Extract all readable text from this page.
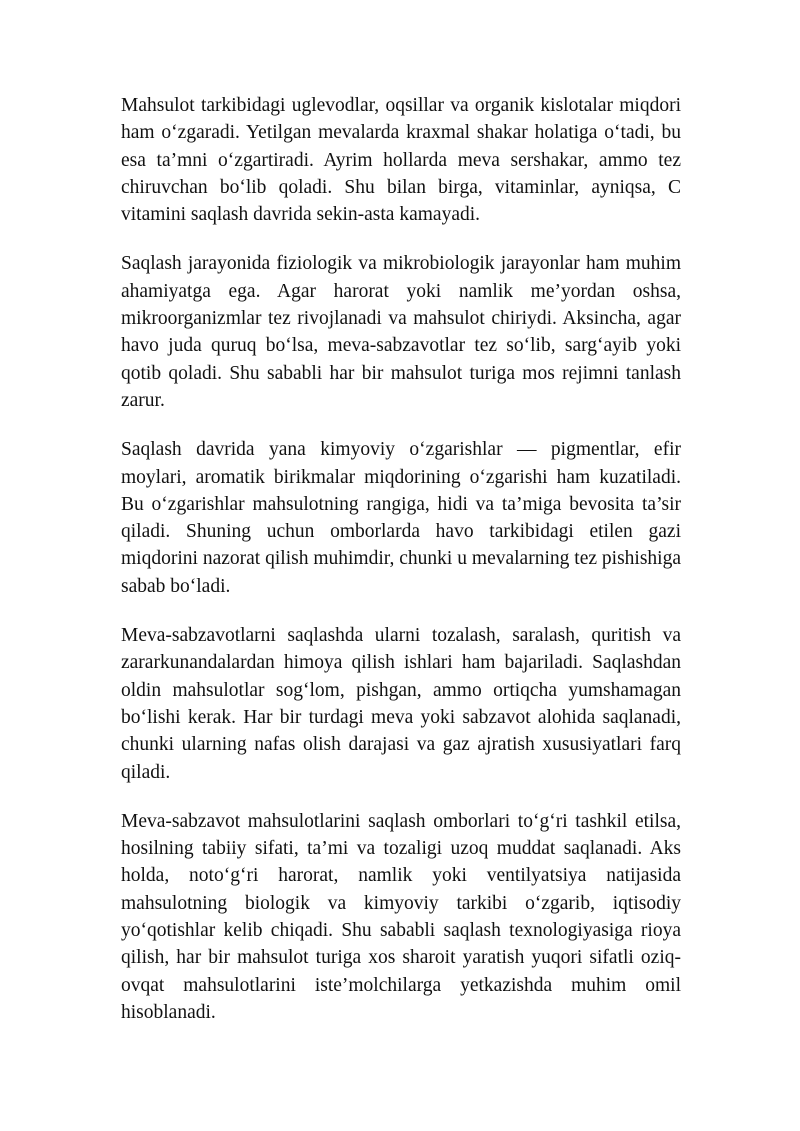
Mahsulot tarkibidagi uglevodlar, oqsillar va organik kislotalar miqdori ham o‘zgaradi. Yetilgan mevalarda kraxmal shakar holatiga o‘tadi, bu esa ta’mni o‘zgartiradi. Ayrim hollarda meva sershakar, ammo tez chiruvchan bo‘lib qoladi. Shu bilan birga, vitaminlar, ayniqsa, C vitamini saqlash davrida sekin-asta kamayadi.

Saqlash jarayonida fiziologik va mikrobiologik jarayonlar ham muhim ahamiyatga ega. Agar harorat yoki namlik me’yordan oshsa, mikroorganizmlar tez rivojlanadi va mahsulot chiriydi. Aksincha, agar havo juda quruq bo‘lsa, meva-sabzavotlar tez so‘lib, sarg‘ayib yoki qotib qoladi. Shu sababli har bir mahsulot turiga mos rejimni tanlash zarur.

Saqlash davrida yana kimyoviy o‘zgarishlar — pigmentlar, efir moylari, aromatik birikmalar miqdorining o‘zgarishi ham kuzatiladi. Bu o‘zgarishlar mahsulotning rangiga, hidi va ta’miga bevosita ta’sir qiladi. Shuning uchun omborlarda havo tarkibidagi etilen gazi miqdorini nazorat qilish muhimdir, chunki u mevalarning tez pishishiga sabab bo‘ladi.

Meva-sabzavotlarni saqlashda ularni tozalash, saralash, quritish va zararkunandalardan himoya qilish ishlari ham bajariladi. Saqlashdan oldin mahsulotlar sog‘lom, pishgan, ammo ortiqcha yumshamagan bo‘lishi kerak. Har bir turdagi meva yoki sabzavot alohida saqlanadi, chunki ularning nafas olish darajasi va gaz ajratish xususiyatlari farq qiladi.

Meva-sabzavot mahsulotlarini saqlash omborlari to‘g‘ri tashkil etilsa, hosilning tabiiy sifati, ta’mi va tozaligi uzoq muddat saqlanadi. Aks holda, noto‘g‘ri harorat, namlik yoki ventilyatsiya natijasida mahsulotning biologik va kimyoviy tarkibi o‘zgarib, iqtisodiy yo‘qotishlar kelib chiqadi. Shu sababli saqlash texnologiyasiga rioya qilish, har bir mahsulot turiga xos sharoit yaratish yuqori sifatli oziq-ovqat mahsulotlarini iste’molchilarga yetkazishda muhim omil hisoblanadi.
